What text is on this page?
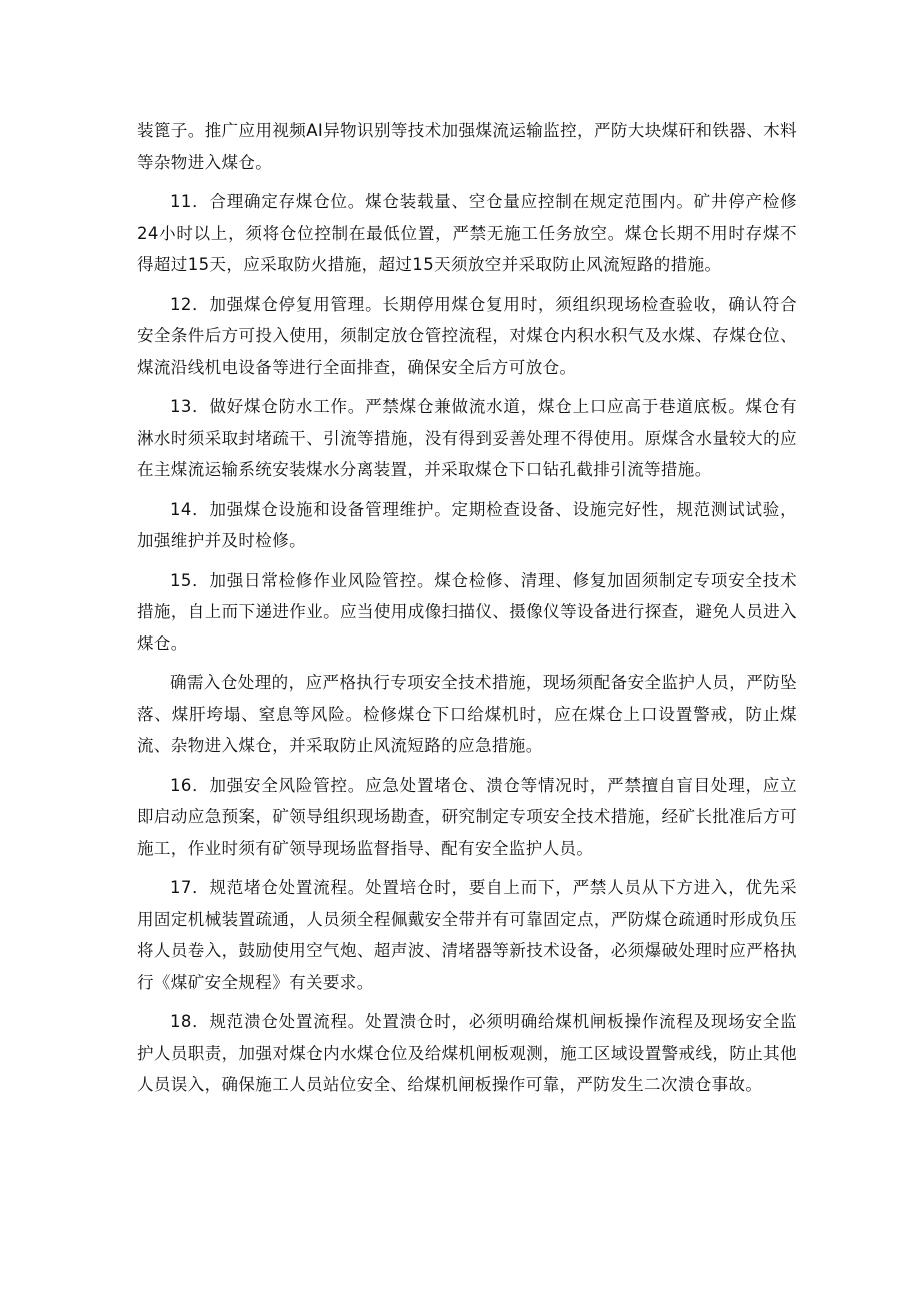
装篦子。推广应用视频AI异物识别等技术加强煤流运输监控，严防大块煤矸和铁器、木料等杂物进入煤仓。

11．合理确定存煤仓位。煤仓装载量、空仓量应控制在规定范围内。矿井停产检修24小时以上，须将仓位控制在最低位置，严禁无施工任务放空。煤仓长期不用时存煤不得超过15天，应采取防火措施，超过15天须放空并采取防止风流短路的措施。

12．加强煤仓停复用管理。长期停用煤仓复用时，须组织现场检查验收，确认符合安全条件后方可投入使用，须制定放仓管控流程，对煤仓内积水积气及水煤、存煤仓位、煤流沿线机电设备等进行全面排查，确保安全后方可放仓。

13．做好煤仓防水工作。严禁煤仓兼做流水道，煤仓上口应高于巷道底板。煤仓有淋水时须采取封堵疏干、引流等措施，没有得到妥善处理不得使用。原煤含水量较大的应在主煤流运输系统安装煤水分离装置，并采取煤仓下口钻孔截排引流等措施。

14．加强煤仓设施和设备管理维护。定期检查设备、设施完好性，规范测试试验，加强维护并及时检修。

15．加强日常检修作业风险管控。煤仓检修、清理、修复加固须制定专项安全技术措施，自上而下递进作业。应当使用成像扫描仪、摄像仪等设备进行探查，避免人员进入煤仓。

确需入仓处理的，应严格执行专项安全技术措施，现场须配备安全监护人员，严防坠落、煤肝垮塌、窒息等风险。检修煤仓下口给煤机时，应在煤仓上口设置警戒，防止煤流、杂物进入煤仓，并采取防止风流短路的应急措施。

16．加强安全风险管控。应急处置堵仓、溃仓等情况时，严禁擅自盲目处理，应立即启动应急预案，矿领导组织现场勘查，研究制定专项安全技术措施，经矿长批准后方可施工，作业时须有矿领导现场监督指导、配有安全监护人员。

17．规范堵仓处置流程。处置培仓时，要自上而下，严禁人员从下方进入，优先采用固定机械装置疏通，人员须全程佩戴安全带并有可靠固定点，严防煤仓疏通时形成负压将人员卷入，鼓励使用空气炮、超声波、清堵器等新技术设备，必须爆破处理时应严格执行《煤矿安全规程》有关要求。

18．规范溃仓处置流程。处置溃仓时，必须明确给煤机闸板操作流程及现场安全监护人员职责，加强对煤仓内水煤仓位及给煤机闸板观测，施工区域设置警戒线，防止其他人员误入，确保施工人员站位安全、给煤机闸板操作可靠，严防发生二次溃仓事故。
